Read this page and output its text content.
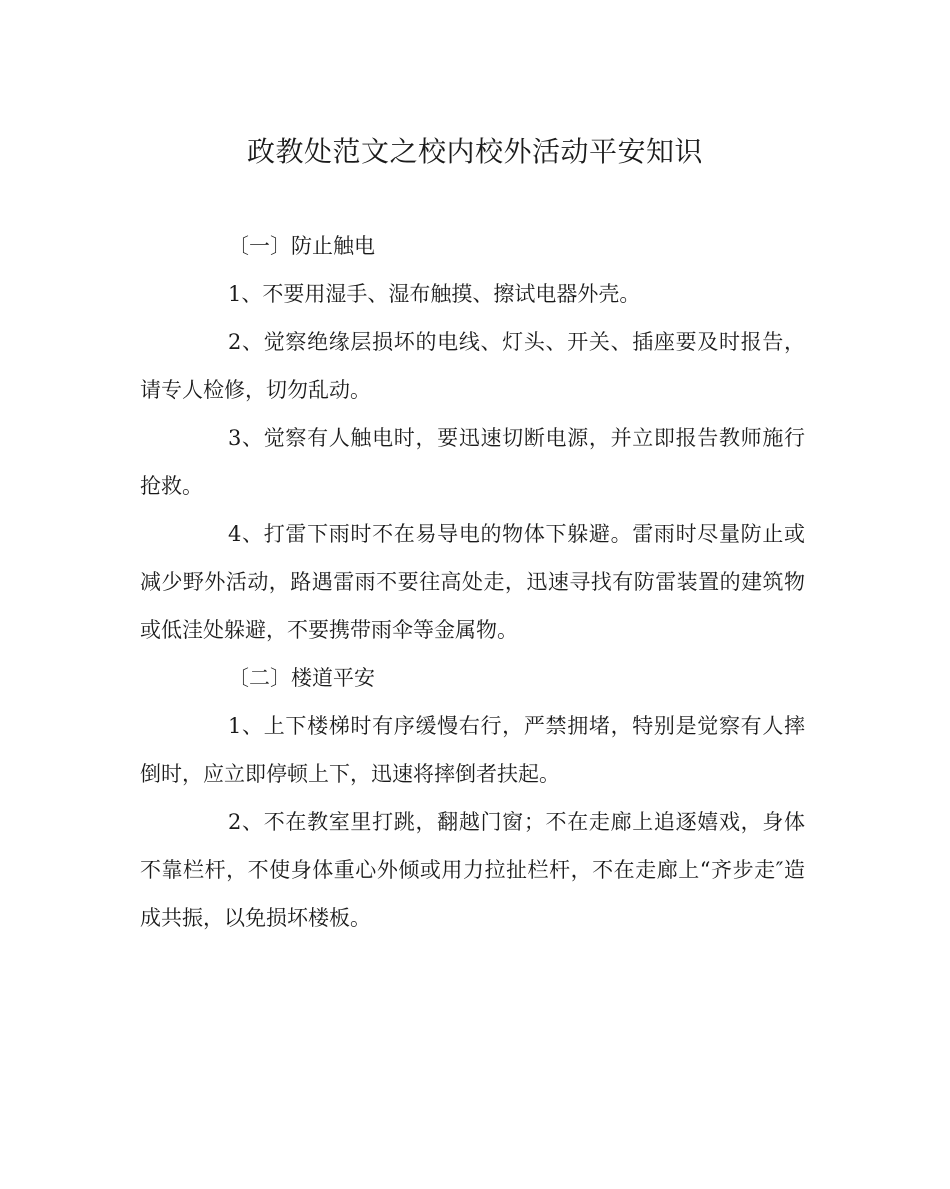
政教处范文之校内校外活动平安知识
〔一〕防止触电

1、不要用湿手、湿布触摸、擦试电器外壳。

2、觉察绝缘层损坏的电线、灯头、开关、插座要及时报告，请专人检修，切勿乱动。

3、觉察有人触电时，要迅速切断电源，并立即报告教师施行抢救。

4、打雷下雨时不在易导电的物体下躲避。雷雨时尽量防止或减少野外活动，路遇雷雨不要往高处走，迅速寻找有防雷装置的建筑物或低洼处躲避，不要携带雨伞等金属物。

〔二〕楼道平安

1、上下楼梯时有序缓慢右行，严禁拥堵，特别是觉察有人摔倒时，应立即停顿上下，迅速将摔倒者扶起。

2、不在教室里打跳，翻越门窗；不在走廊上追逐嬉戏，身体不靠栏杆，不使身体重心外倾或用力拉扯栏杆，不在走廊上“齐步走″造成共振，以免损坏楼板。
